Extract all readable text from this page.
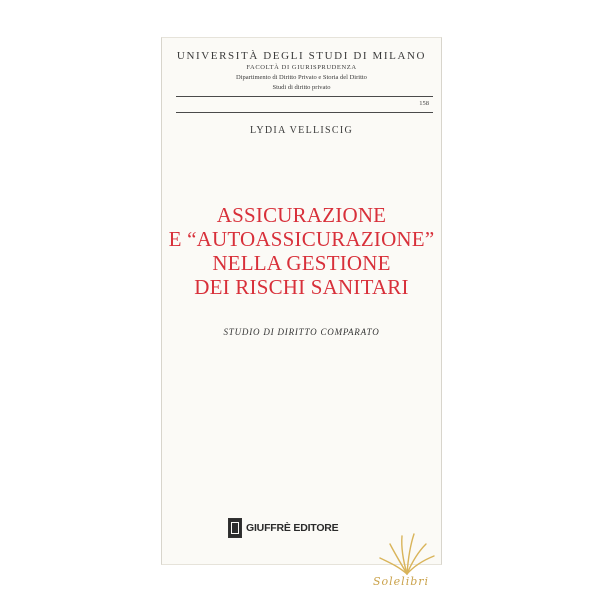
UNIVERSITÀ DEGLI STUDI DI MILANO
FACOLTÀ DI GIURISPRUDENZA
Dipartimento di Diritto Privato e Storia del Diritto
Studi di diritto privato
158
LYDIA VELLISCIG
ASSICURAZIONE
E “AUTOASSICURAZIONE”
NELLA GESTIONE
DEI RISCHI SANITARI
STUDIO DI DIRITTO COMPARATO
GIUFFRÈ EDITORE
Solelibri
